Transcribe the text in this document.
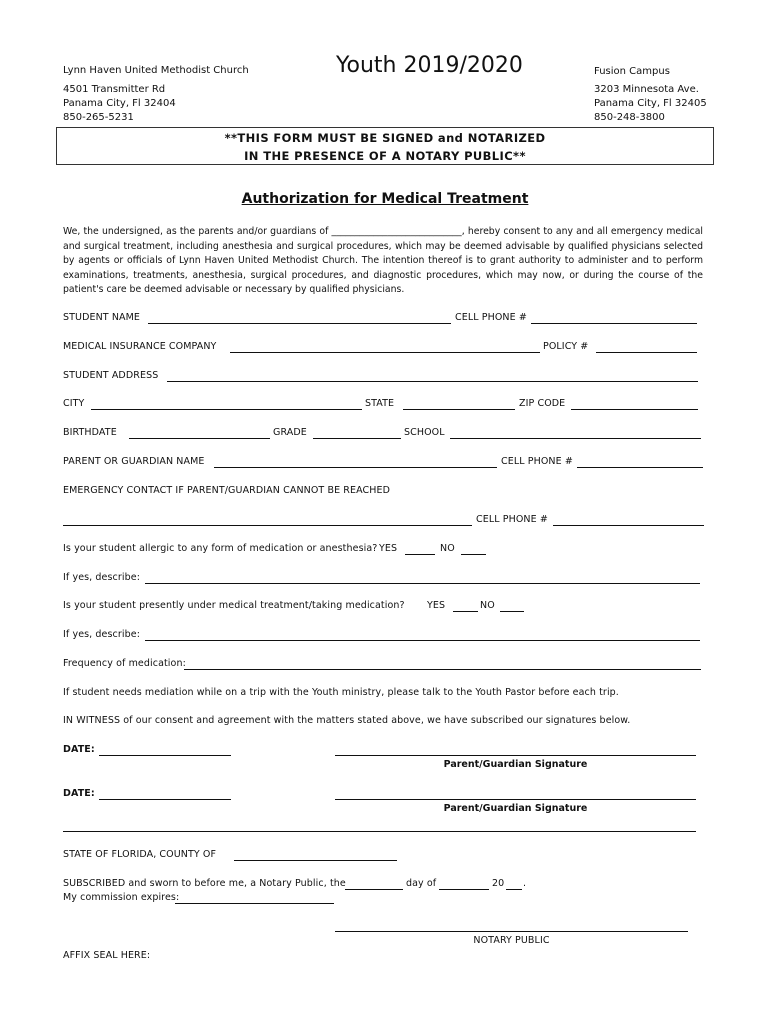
Lynn Haven United Methodist Church
4501 Transmitter Rd
Panama City, Fl 32404
850-265-5231
Youth 2019/2020	Fusion Campus
3203 Minnesota Ave.
Panama City, Fl 32405
850-248-3800
**THIS FORM MUST BE SIGNED and NOTARIZED
IN THE PRESENCE OF A NOTARY PUBLIC**
Authorization for Medical Treatment
We, the undersigned, as the parents and/or guardians of ____________________________, hereby consent to any and all emergency medical and surgical treatment, including anesthesia and surgical procedures, which may be deemed advisable by qualified physicians selected by agents or officials of Lynn Haven United Methodist Church. The intention thereof is to grant authority to administer and to perform examinations, treatments, anesthesia, surgical procedures, and diagnostic procedures, which may now, or during the course of the patient's care be deemed advisable or necessary by qualified physicians.
STUDENT NAME	CELL PHONE #
MEDICAL INSURANCE COMPANY	POLICY #
STUDENT ADDRESS
CITY	STATE	ZIP CODE
BIRTHDATE	GRADE	SCHOOL
PARENT OR GUARDIAN NAME	CELL PHONE #
EMERGENCY CONTACT IF PARENT/GUARDIAN CANNOT BE REACHED
CELL PHONE #
Is your student allergic to any form of medication or anesthesia? YES	NO
If yes, describe:
Is your student presently under medical treatment/taking medication? YES	NO
If yes, describe:
Frequency of medication:
If student needs mediation while on a trip with the Youth ministry, please talk to the Youth Pastor before each trip.
IN WITNESS of our consent and agreement with the matters stated above, we have subscribed our signatures below.
DATE:
Parent/Guardian Signature
DATE:
Parent/Guardian Signature
STATE OF FLORIDA, COUNTY OF
SUBSCRIBED and sworn to before me, a Notary Public, the	day of	20 .
My commission expires:
NOTARY PUBLIC
AFFIX SEAL HERE:
